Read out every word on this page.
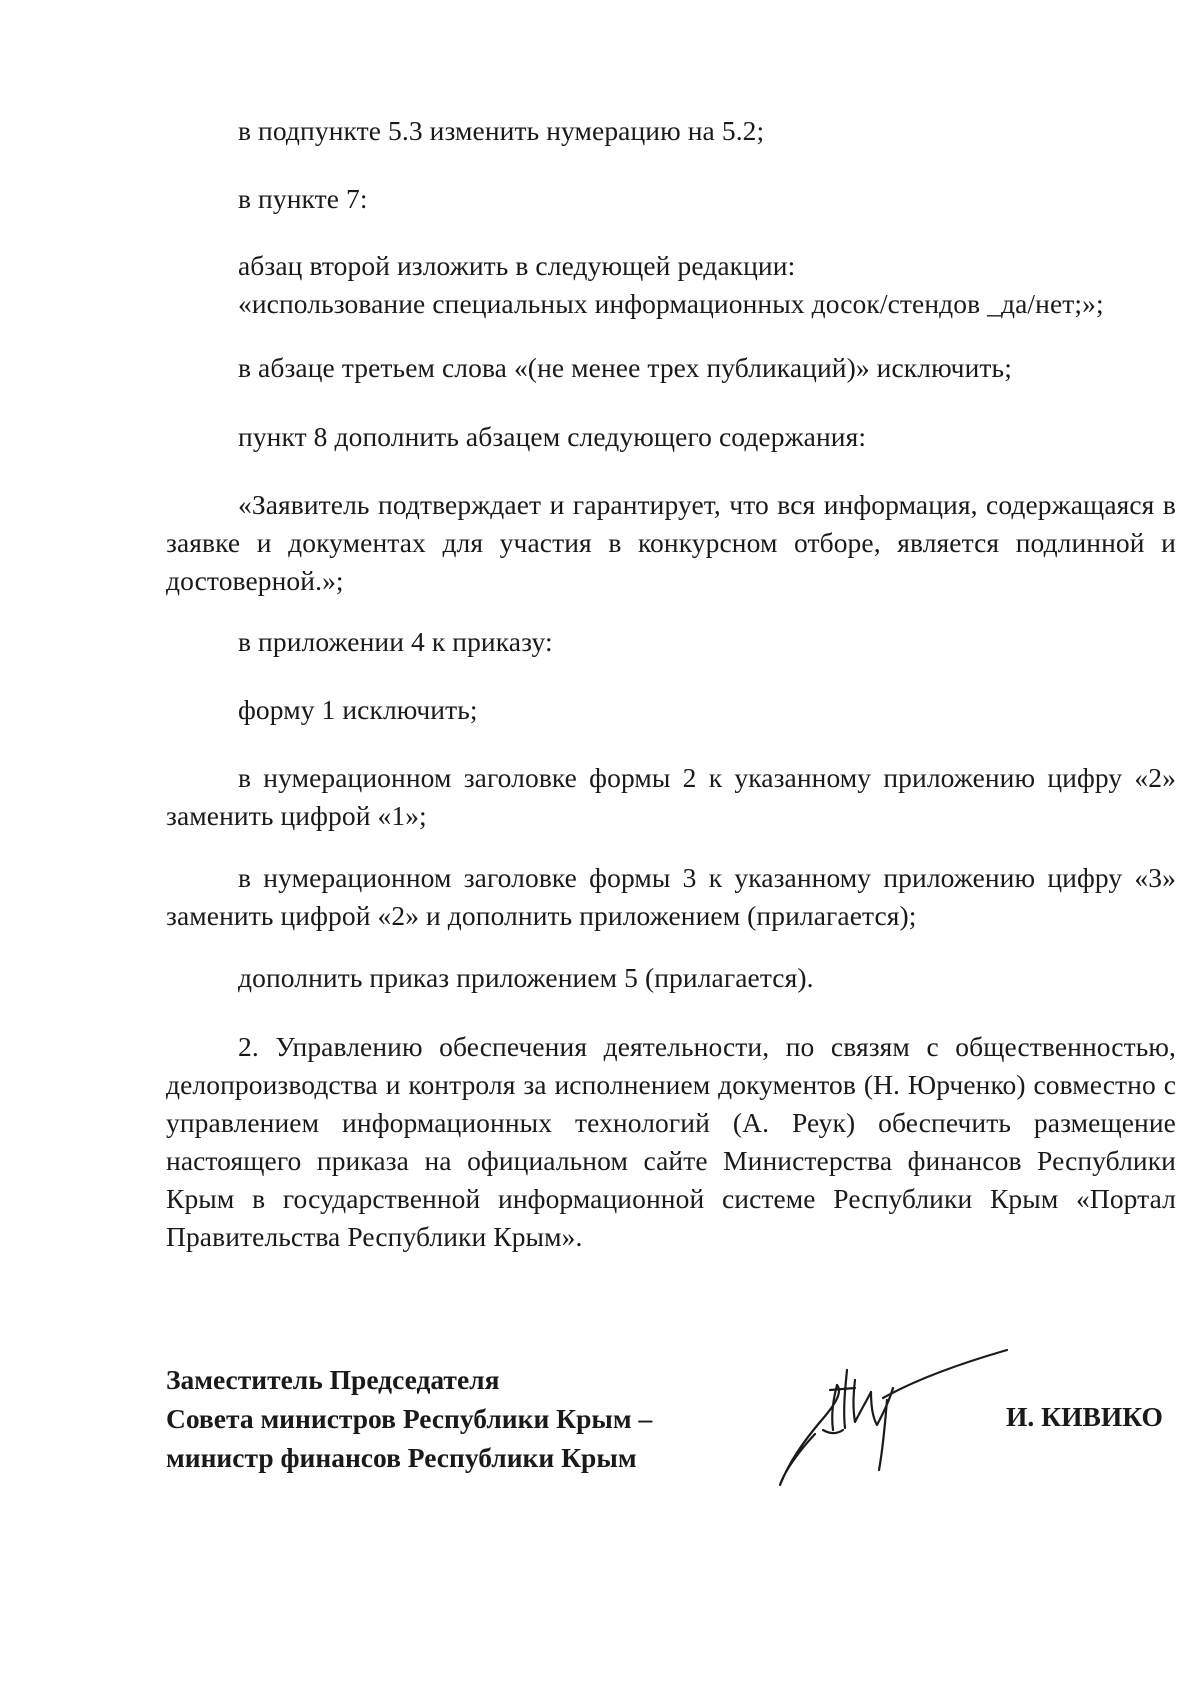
в подпункте 5.3 изменить нумерацию на 5.2;

в пункте 7:

абзац второй изложить в следующей редакции:
«использование специальных информационных досок/стендов _да/нет;»;

в абзаце третьем слова «(не менее трех публикаций)» исключить;

пункт 8 дополнить абзацем следующего содержания:

«Заявитель подтверждает и гарантирует, что вся информация, содержащаяся в заявке и документах для участия в конкурсном отборе, является подлинной и достоверной.»;

в приложении 4 к приказу:

форму 1 исключить;

в нумерационном заголовке формы 2 к указанному приложению цифру «2» заменить цифрой «1»;

в нумерационном заголовке формы 3 к указанному приложению цифру «3» заменить цифрой «2» и дополнить приложением (прилагается);

дополнить приказ приложением 5 (прилагается).

2. Управлению обеспечения деятельности, по связям с общественностью, делопроизводства и контроля за исполнением документов (Н. Юрченко) совместно с управлением информационных технологий (А. Реук) обеспечить размещение настоящего приказа на официальном сайте Министерства финансов Республики Крым в государственной информационной системе Республики Крым «Портал Правительства Республики Крым».

Заместитель Председателя
Совета министров Республики Крым –
министр финансов Республики Крым
И. КИВИКО
